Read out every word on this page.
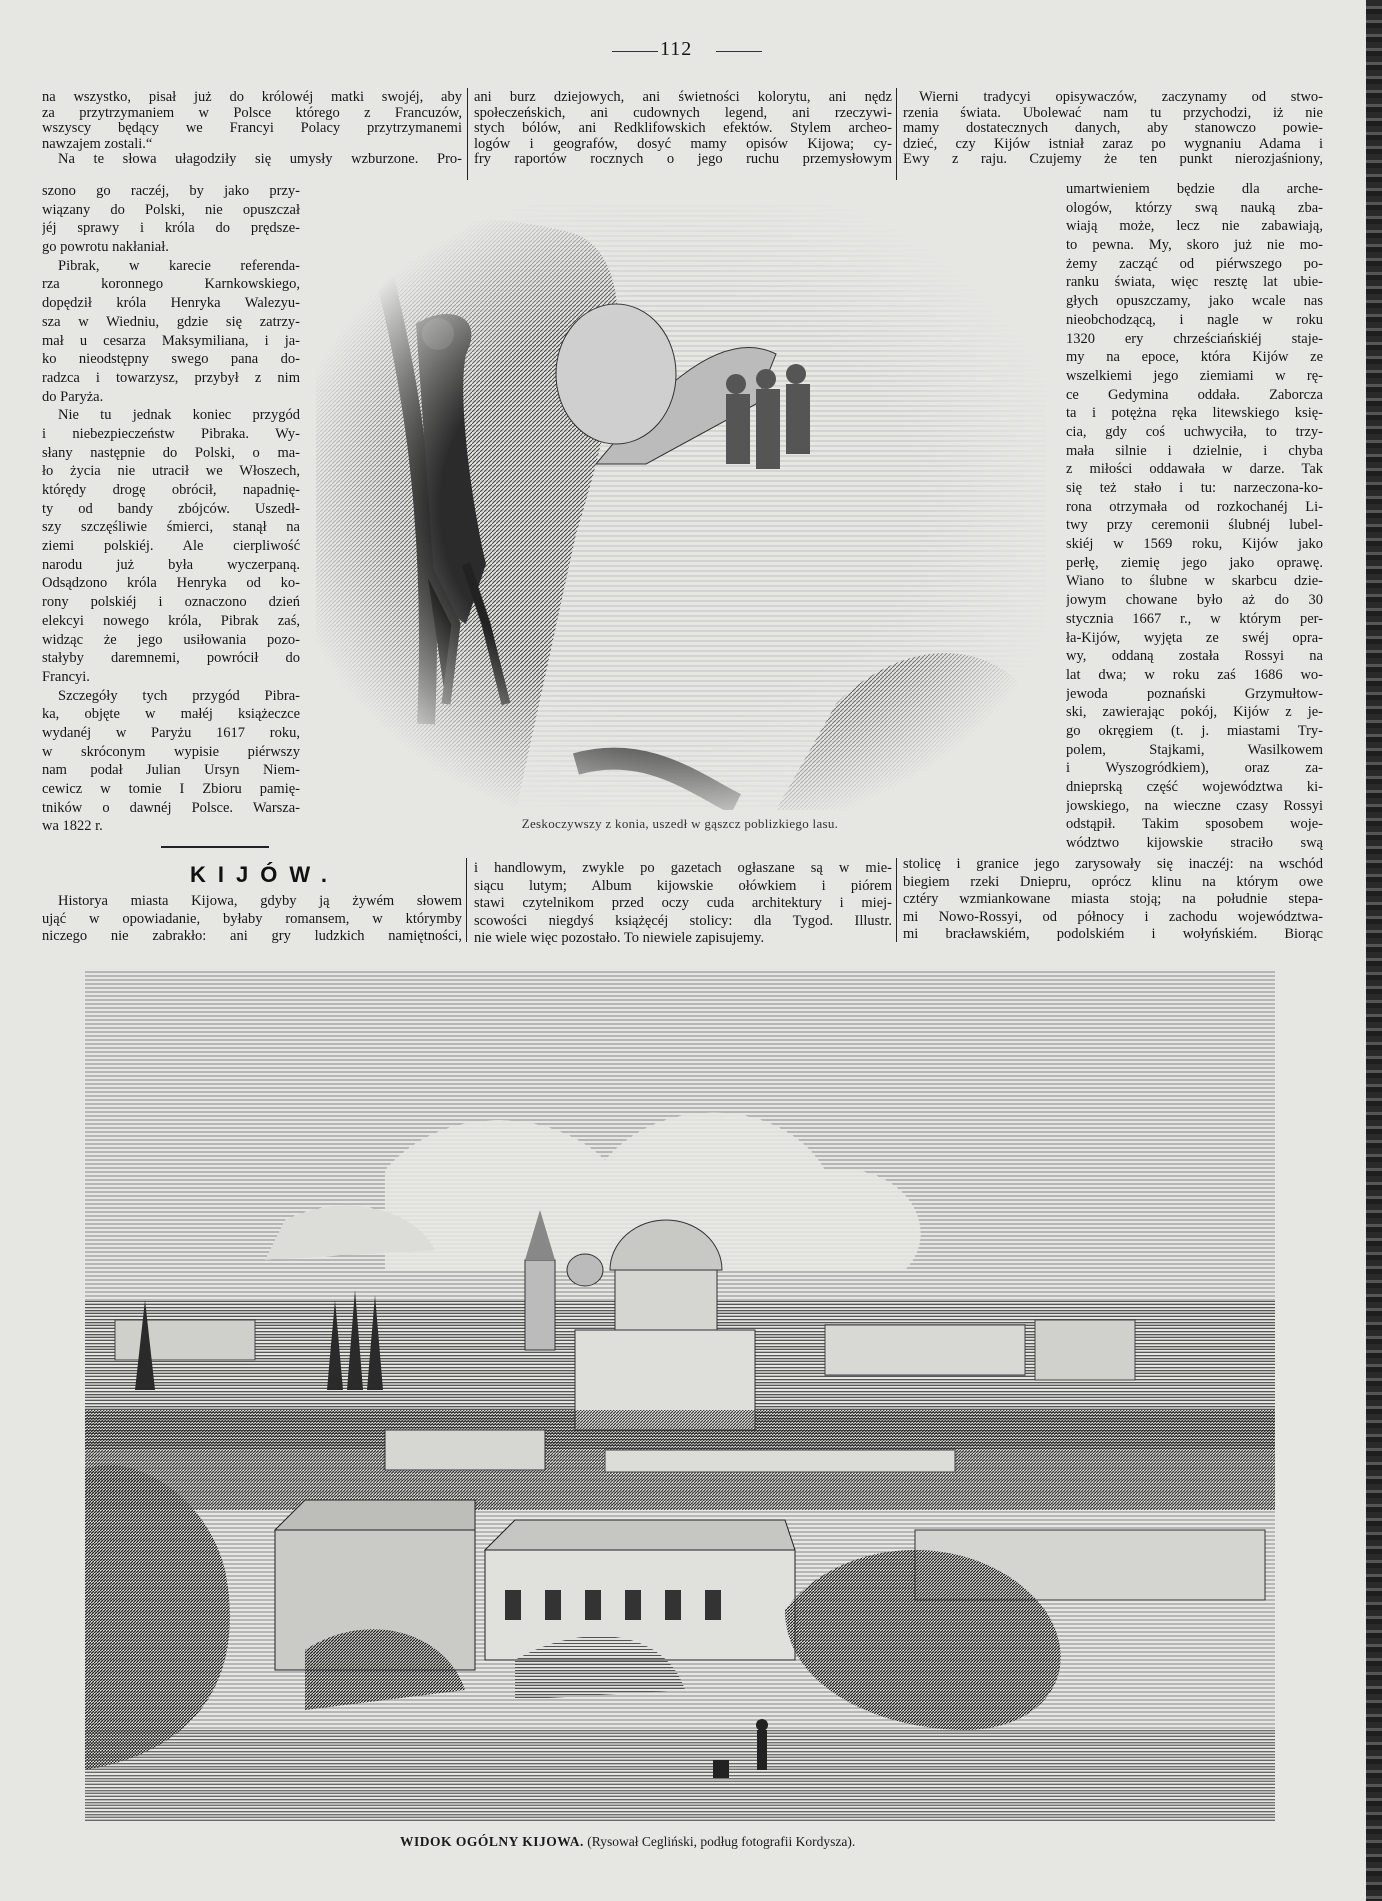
112
na wszystko, pisał już do królowéj matki swojéj, aby
za przytrzymaniem w Polsce którego z Francuzów,
wszyscy będący we Francyi Polacy przytrzymanemi
nawzajem zostali.“
Na te słowa ułagodziły się umysły wzburzone. Pro-
ani burz dziejowych, ani świetności kolorytu, ani nędz
społeczeńskich, ani cudownych legend, ani rzeczywi-
stych bólów, ani Redklifowskich efektów. Stylem archeo-
logów i geografów, dosyć mamy opisów Kijowa; cy-
fry raportów rocznych o jego ruchu przemysłowym
Wierni tradycyi opisywaczów, zaczynamy od stwo-
rzenia świata. Ubolewać nam tu przychodzi, iż nie
mamy dostatecznych danych, aby stanowczo powie-
dzieć, czy Kijów istniał zaraz po wygnaniu Adama i
Ewy z raju. Czujemy że ten punkt nierozjaśniony,
szono go raczéj, by jako przy-
wiązany do Polski, nie opuszczał
jéj sprawy i króla do prędsze-
go powrotu nakłaniał.
Pibrak, w karecie referenda-
rza koronnego Karnkowskiego,
dopędził króla Henryka Walezyu-
sza w Wiedniu, gdzie się zatrzy-
mał u cesarza Maksymiliana, i ja-
ko nieodstępny swego pana do-
radzca i towarzysz, przybył z nim
do Paryża.
Nie tu jednak koniec przygód
i niebezpieczeństw Pibraka. Wy-
słany następnie do Polski, o ma-
ło życia nie utracił we Włoszech,
którędy drogę obrócił, napadnię-
ty od bandy zbójców. Uszedł-
szy szczęśliwie śmierci, stanął na
ziemi polskiéj. Ale cierpliwość
narodu już była wyczerpaną.
Odsądzono króla Henryka od ko-
rony polskiéj i oznaczono dzień
elekcyi nowego króla, Pibrak zaś,
widząc że jego usiłowania pozo-
stałyby daremnemi, powrócił do
Francyi.
Szczegóły tych przygód Pibra-
ka, objęte w małéj książeczce
wydanéj w Paryżu 1617 roku,
w skróconym wypisie piérwszy
nam podał Julian Ursyn Niem-
cewicz w tomie I Zbioru pamię-
tników o dawnéj Polsce. Warsza-
wa 1822 r.
umartwieniem będzie dla arche-
ologów, którzy swą nauką zba-
wiają może, lecz nie zabawiają,
to pewna. My, skoro już nie mo-
żemy zacząć od piérwszego po-
ranku świata, więc resztę lat ubie-
głych opuszczamy, jako wcale nas
nieobchodzącą, i nagle w roku
1320 ery chrześciańskiéj staje-
my na epoce, która Kijów ze
wszelkiemi jego ziemiami w rę-
ce Gedymina oddała. Zaborcza
ta i potężna ręka litewskiego księ-
cia, gdy coś uchwyciła, to trzy-
mała silnie i dzielnie, i chyba
z miłości oddawała w darze. Tak
się też stało i tu: narzeczona-ko-
rona otrzymała od rozkochanéj Li-
twy przy ceremonii ślubnéj lubel-
skiéj w 1569 roku, Kijów jako
perłę, ziemię jego jako oprawę.
Wiano to ślubne w skarbcu dzie-
jowym chowane było aż do 30
stycznia 1667 r., w którym per-
ła-Kijów, wyjęta ze swéj opra-
wy, oddaną została Rossyi na
lat dwa; w roku zaś 1686 wo-
jewoda poznański Grzymułtow-
ski, zawierając pokój, Kijów z je-
go okręgiem (t. j. miastami Try-
polem, Stajkami, Wasilkowem
i Wyszogródkiem), oraz za-
dnieprską część województwa ki-
jowskiego, na wieczne czasy Rossyi
odstąpił. Takim sposobem woje-
wództwo kijowskie straciło swą
Zeskoczywszy z konia, uszedł w gąszcz poblizkiego lasu.
KIJÓW.
Historya miasta Kijowa, gdyby ją żywém słowem
ująć w opowiadanie, byłaby romansem, w którymby
niczego nie zabrakło: ani gry ludzkich namiętności,
i handlowym, zwykle po gazetach ogłaszane są w mie-
siącu lutym; Album kijowskie ołówkiem i piórem
stawi czytelnikom przed oczy cuda architektury i miej-
scowości niegdyś książęcéj stolicy: dla Tygod. Illustr.
nie wiele więc pozostało. To niewiele zapisujemy.
stolicę i granice jego zarysowały się inaczéj: na wschód
biegiem rzeki Dniepru, oprócz klinu na którym owe
cztéry wzmiankowane miasta stoją; na południe stepa-
mi Nowo-Rossyi, od północy i zachodu województwa-
mi bracławskiém, podolskiém i wołyńskiém. Biorąc
WIDOK OGÓLNY KIJOWA. (Rysował Cegliński, podług fotografii Kordysza).
